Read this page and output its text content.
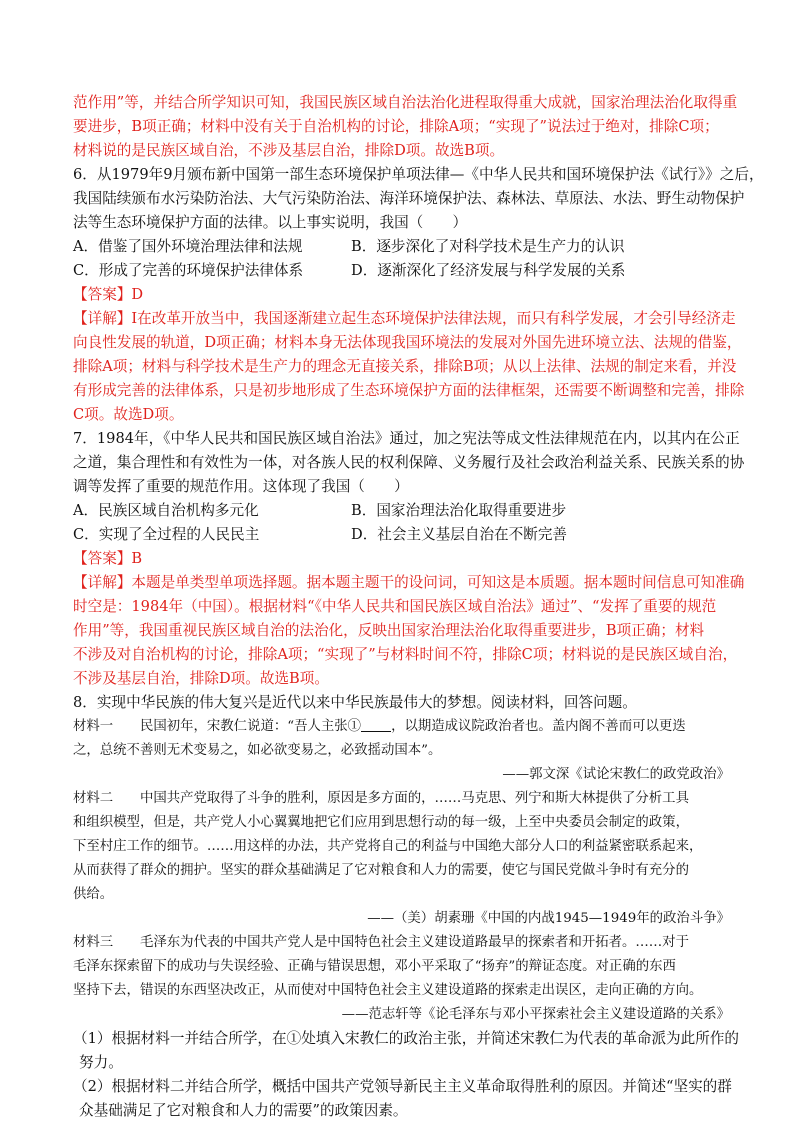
范作用”等，并结合所学知识可知，我国民族区域自治法治化进程取得重大成就，国家治理法治化取得重
要进步，B项正确；材料中没有关于自治机构的讨论，排除A项；“实现了”说法过于绝对，排除C项；
材料说的是民族区域自治，不涉及基层自治，排除D项。故选B项。
6．从1979年9月颁布新中国第一部生态环境保护单项法律—《中华人民共和国环境保护法《试行》》之后，
我国陆续颁布水污染防治法、大气污染防治法、海洋环境保护法、森林法、草原法、水法、野生动物保护
法等生态环境保护方面的法律。以上事实说明，我国（　　）
A．借鉴了国外环境治理法律和法规	B．逐步深化了对科学技术是生产力的认识
C．形成了完善的环境保护法律体系	D．逐渐深化了经济发展与科学发展的关系
【答案】D
【详解】I在改革开放当中，我国逐渐建立起生态环境保护法律法规，而只有科学发展，才会引导经济走
向良性发展的轨道，D项正确；材料本身无法体现我国环境法的发展对外国先进环境立法、法规的借鉴，
排除A项；材料与科学技术是生产力的理念无直接关系，排除B项；从以上法律、法规的制定来看，并没
有形成完善的法律体系，只是初步地形成了生态环境保护方面的法律框架，还需要不断调整和完善，排除
C项。故选D项。
7．1984年，《中华人民共和国民族区域自治法》通过，加之宪法等成文性法律规范在内，以其内在公正
之道，集合理性和有效性为一体，对各族人民的权利保障、义务履行及社会政治利益关系、民族关系的协
调等发挥了重要的规范作用。这体现了我国（　　）
A．民族区域自治机构多元化	B．国家治理法治化取得重要进步
C．实现了全过程的人民民主	D．社会主义基层自治在不断完善
【答案】B
【详解】本题是单类型单项选择题。据本题主题干的设问词，可知这是本质题。据本题时间信息可知准确
时空是：1984年（中国）。根据材料“《中华人民共和国民族区域自治法》通过”、“发挥了重要的规范
作用”等，我国重视民族区域自治的法治化，反映出国家治理法治化取得重要进步，B项正确；材料
不涉及对自治机构的讨论，排除A项；“实现了”与材料时间不符，排除C项；材料说的是民族区域自治，
不涉及基层自治，排除D项。故选B项。
8．实现中华民族的伟大复兴是近代以来中华民族最伟大的梦想。阅读材料，回答问题。
材料一　　民国初年，宋教仁说道：“吾人主张① ，以期造成议院政治者也。盖内阁不善而可以更迭
之，总统不善则无术变易之，如必欲变易之，必致摇动国本”。
——郭文深《试论宋教仁的政党政治》
材料二　　中国共产党取得了斗争的胜利，原因是多方面的，……马克思、列宁和斯大林提供了分析工具
和组织模型，但是，共产党人小心翼翼地把它们应用到思想行动的每一级，上至中央委员会制定的政策，
下至村庄工作的细节。……用这样的办法，共产党将自己的利益与中国绝大部分人口的利益紧密联系起来，
从而获得了群众的拥护。坚实的群众基础满足了它对粮食和人力的需要，使它与国民党做斗争时有充分的
供给。
——（美）胡素珊《中国的内战1945—1949年的政治斗争》
材料三　　毛泽东为代表的中国共产党人是中国特色社会主义建设道路最早的探索者和开拓者。……对于
毛泽东探索留下的成功与失误经验、正确与错误思想，邓小平采取了“扬弃”的辩证态度。对正确的东西
坚持下去，错误的东西坚决改正，从而使对中国特色社会主义建设道路的探索走出误区，走向正确的方向。
——范志轩等《论毛泽东与邓小平探索社会主义建设道路的关系》
（1）根据材料一并结合所学，在①处填入宋教仁的政治主张，并简述宋教仁为代表的革命派为此所作的
努力。
（2）根据材料二并结合所学，概括中国共产党领导新民主主义革命取得胜利的原因。并简述“坚实的群
众基础满足了它对粮食和人力的需要”的政策因素。
